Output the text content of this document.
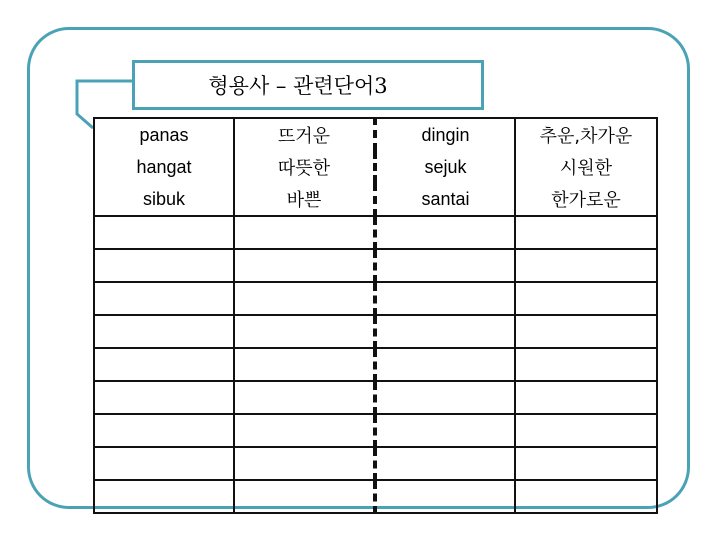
형용사 – 관련단어3
panas	뜨거운	dingin	추운,차가운
hangat	따뜻한	sejuk	시원한
sibuk	바쁜	santai	한가로운
